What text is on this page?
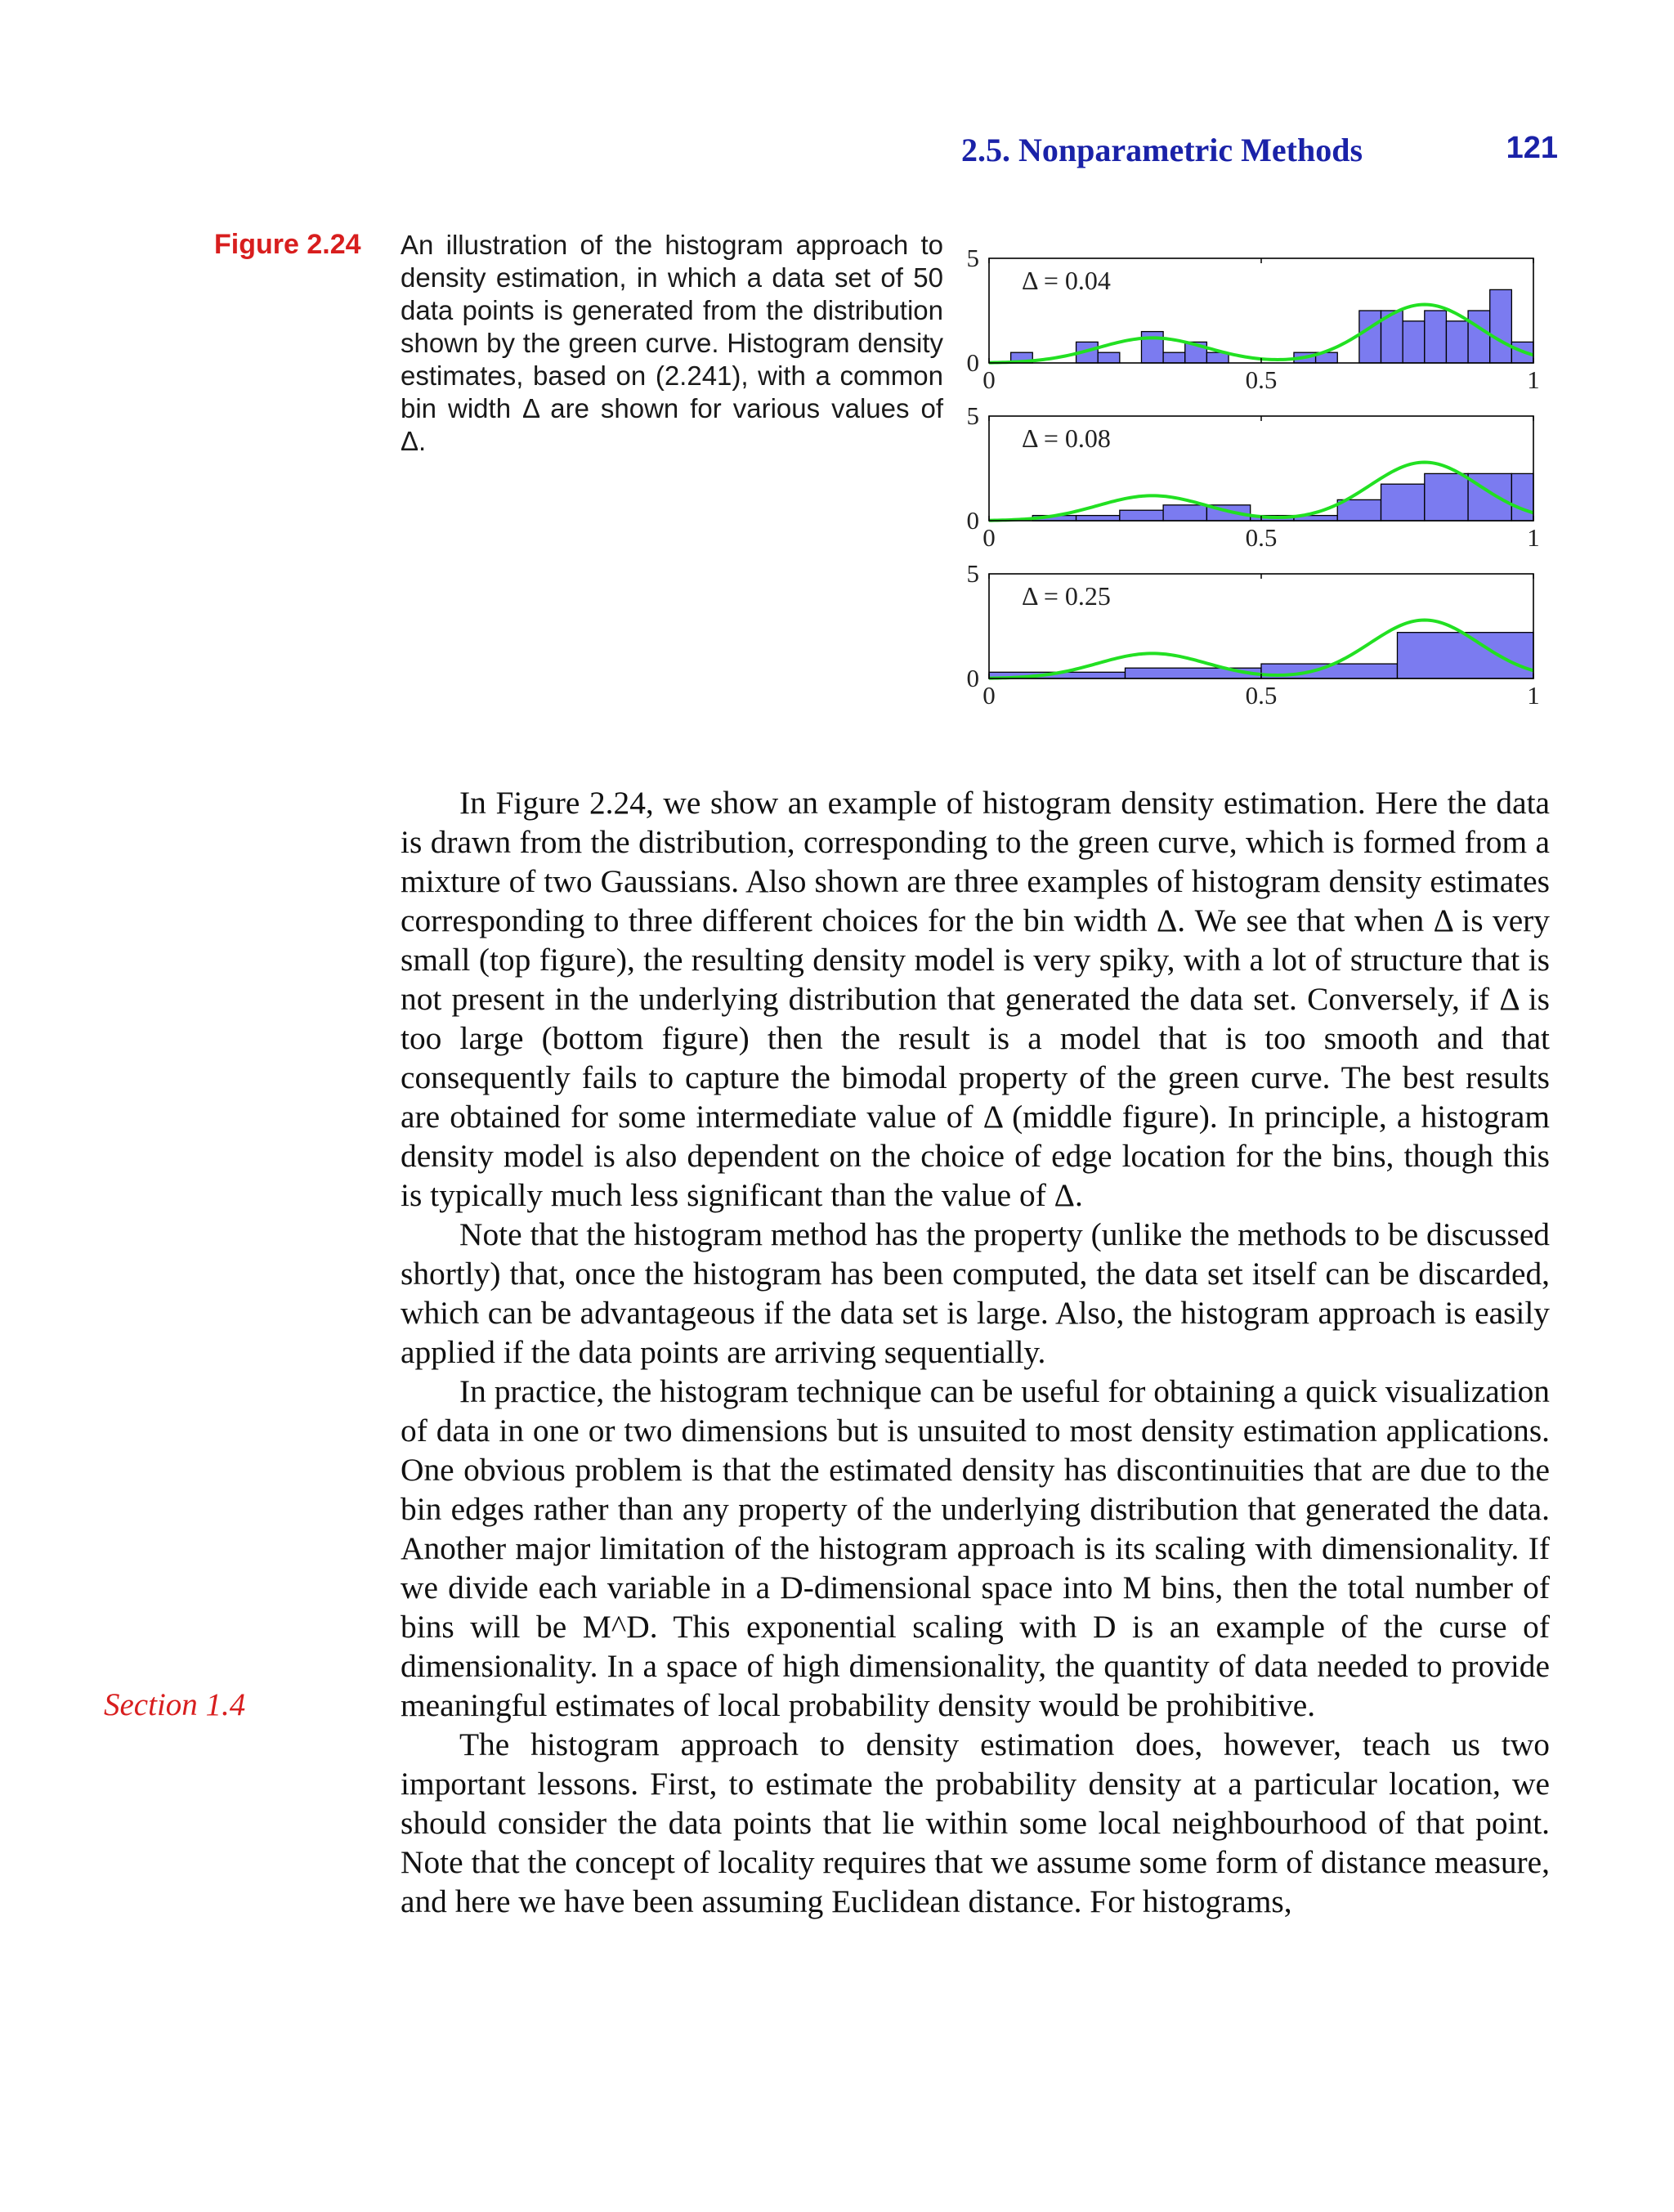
2.5. Nonparametric Methods	121
Figure 2.24 An illustration of the histogram approach to density estimation, in which a data set of 50 data points is generated from the distribution shown by the green curve. Histogram density estimates, based on (2.241), with a common bin width Δ are shown for various values of Δ.
0	0.5	1
0
5
Δ = 0.04
0	0.5	1
0
5
Δ = 0.08
0	0.5	1
0
5
Δ = 0.25

In Figure 2.24, we show an example of histogram density estimation. Here the data is drawn from the distribution, corresponding to the green curve, which is formed from a mixture of two Gaussians. Also shown are three examples of histogram density estimates corresponding to three different choices for the bin width Δ. We see that when Δ is very small (top figure), the resulting density model is very spiky, with a lot of structure that is not present in the underlying distribution that generated the data set. Conversely, if Δ is too large (bottom figure) then the result is a model that is too smooth and that consequently fails to capture the bimodal property of the green curve. The best results are obtained for some intermediate value of Δ (middle figure). In principle, a histogram density model is also dependent on the choice of edge location for the bins, though this is typically much less significant than the value of Δ.

Note that the histogram method has the property (unlike the methods to be discussed shortly) that, once the histogram has been computed, the data set itself can be discarded, which can be advantageous if the data set is large. Also, the histogram approach is easily applied if the data points are arriving sequentially.

In practice, the histogram technique can be useful for obtaining a quick visualization of data in one or two dimensions but is unsuited to most density estimation applications. One obvious problem is that the estimated density has discontinuities that are due to the bin edges rather than any property of the underlying distribution that generated the data. Another major limitation of the histogram approach is its scaling with dimensionality. If we divide each variable in a D-dimensional space into M bins, then the total number of bins will be M^D. This exponential scaling with D is an example of the curse of dimensionality. In a space of high dimensionality, the quantity of data needed to provide meaningful estimates of local probability density would be prohibitive.

The histogram approach to density estimation does, however, teach us two important lessons. First, to estimate the probability density at a particular location, we should consider the data points that lie within some local neighbourhood of that point. Note that the concept of locality requires that we assume some form of distance measure, and here we have been assuming Euclidean distance. For histograms,

Section 1.4
